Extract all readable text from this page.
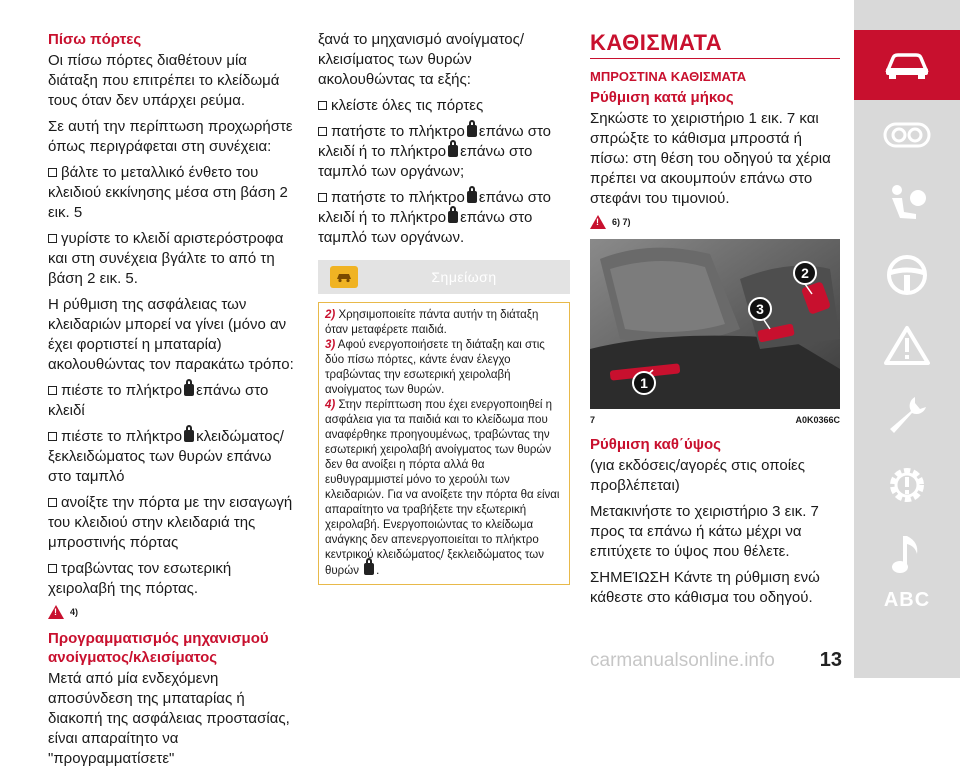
Πίσω πόρτες

Οι πίσω πόρτες διαθέτουν μία διάταξη που επιτρέπει το κλείδωμά τους όταν δεν υπάρχει ρεύμα.

Σε αυτή την περίπτωση προχωρήστε όπως περιγράφεται στη συνέχεια:

βάλτε το μεταλλικό ένθετο του κλειδιού εκκίνησης μέσα στη βάση 2 εικ. 5

γυρίστε το κλειδί αριστερόστροφα και στη συνέχεια βγάλτε το από τη βάση 2 εικ. 5.

Η ρύθμιση της ασφάλειας των κλειδαριών μπορεί να γίνει (μόνο αν έχει φορτιστεί η μπαταρία) ακολουθώντας τον παρακάτω τρόπο:

πιέστε το πλήκτρο επάνω στο κλειδί

πιέστε το πλήκτρο κλειδώματος/ ξεκλειδώματος των θυρών επάνω στο ταμπλό

ανοίξτε την πόρτα με την εισαγωγή του κλειδιού στην κλειδαριά της μπροστινής πόρτας

τραβώντας τον εσωτερική χειρολαβή της πόρτας.

! 4)
Προγραμματισμός μηχανισμού ανοίγματος/κλεισίματος

Μετά από μία ενδεχόμενη αποσύνδεση της μπαταρίας ή διακοπή της ασφάλειας προστασίας, είναι απαραίτητο να "προγραμματίσετε"

ξανά το μηχανισμό ανοίγματος/ κλεισίματος των θυρών ακολουθώντας τα εξής:

κλείστε όλες τις πόρτες

πατήστε το πλήκτρο επάνω στο κλειδί ή το πλήκτρο επάνω στο ταμπλό των οργάνων;

πατήστε το πλήκτρο επάνω στο κλειδί ή το πλήκτρο επάνω στο ταμπλό των οργάνων.

Σημείωση

2) Χρησιμοποιείτε πάντα αυτήν τη διάταξη όταν μεταφέρετε παιδιά.

3) Αφού ενεργοποιήσετε τη διάταξη και στις δύο πίσω πόρτες, κάντε έναν έλεγχο τραβώντας την εσωτερική χειρολαβή ανοίγματος των θυρών.

4) Στην περίπτωση που έχει ενεργοποιηθεί η ασφάλεια για τα παιδιά και το κλείδωμα που αναφέρθηκε προηγουμένως, τραβώντας την εσωτερική χειρολαβή ανοίγματος των θυρών δεν θα ανοίξει η πόρτα αλλά θα ευθυγραμμιστεί μόνο το χερούλι των κλειδαριών. Για να ανοίξετε την πόρτα θα είναι απαραίτητο να τραβήξετε την εξωτερική χειρολαβή. Ενεργοποιώντας το κλείδωμα ανάγκης δεν απενεργοποιείται το πλήκτρο κεντρικού κλειδώματος/ ξεκλειδώματος των θυρών .

ΚΑΘΙΣΜΑΤΑ
ΜΠΡΟΣΤΙΝΑ ΚΑΘΙΣΜΑΤΑ
Ρύθμιση κατά μήκος

Σηκώστε το χειριστήριο 1 εικ. 7 και σπρώξτε το κάθισμα μπροστά ή πίσω: στη θέση του οδηγού τα χέρια πρέπει να ακουμπούν επάνω στο στεφάνι του τιμονιού.

! 6) 7)
1
3
2
7	A0K0366C
Ρύθμιση καθ΄ύψος

(για εκδόσεις/αγορές στις οποίες προβλέπεται)

Μετακινήστε το χειριστήριο 3 εικ. 7 προς τα επάνω ή κάτω μέχρι να επιτύχετε το ύψος που θέλετε.

ΣΗΜΕΊΩΣΗ Κάντε τη ρύθμιση ενώ κάθεστε στο κάθισμα του οδηγού.	ABC
carmanualsonline.info 13
